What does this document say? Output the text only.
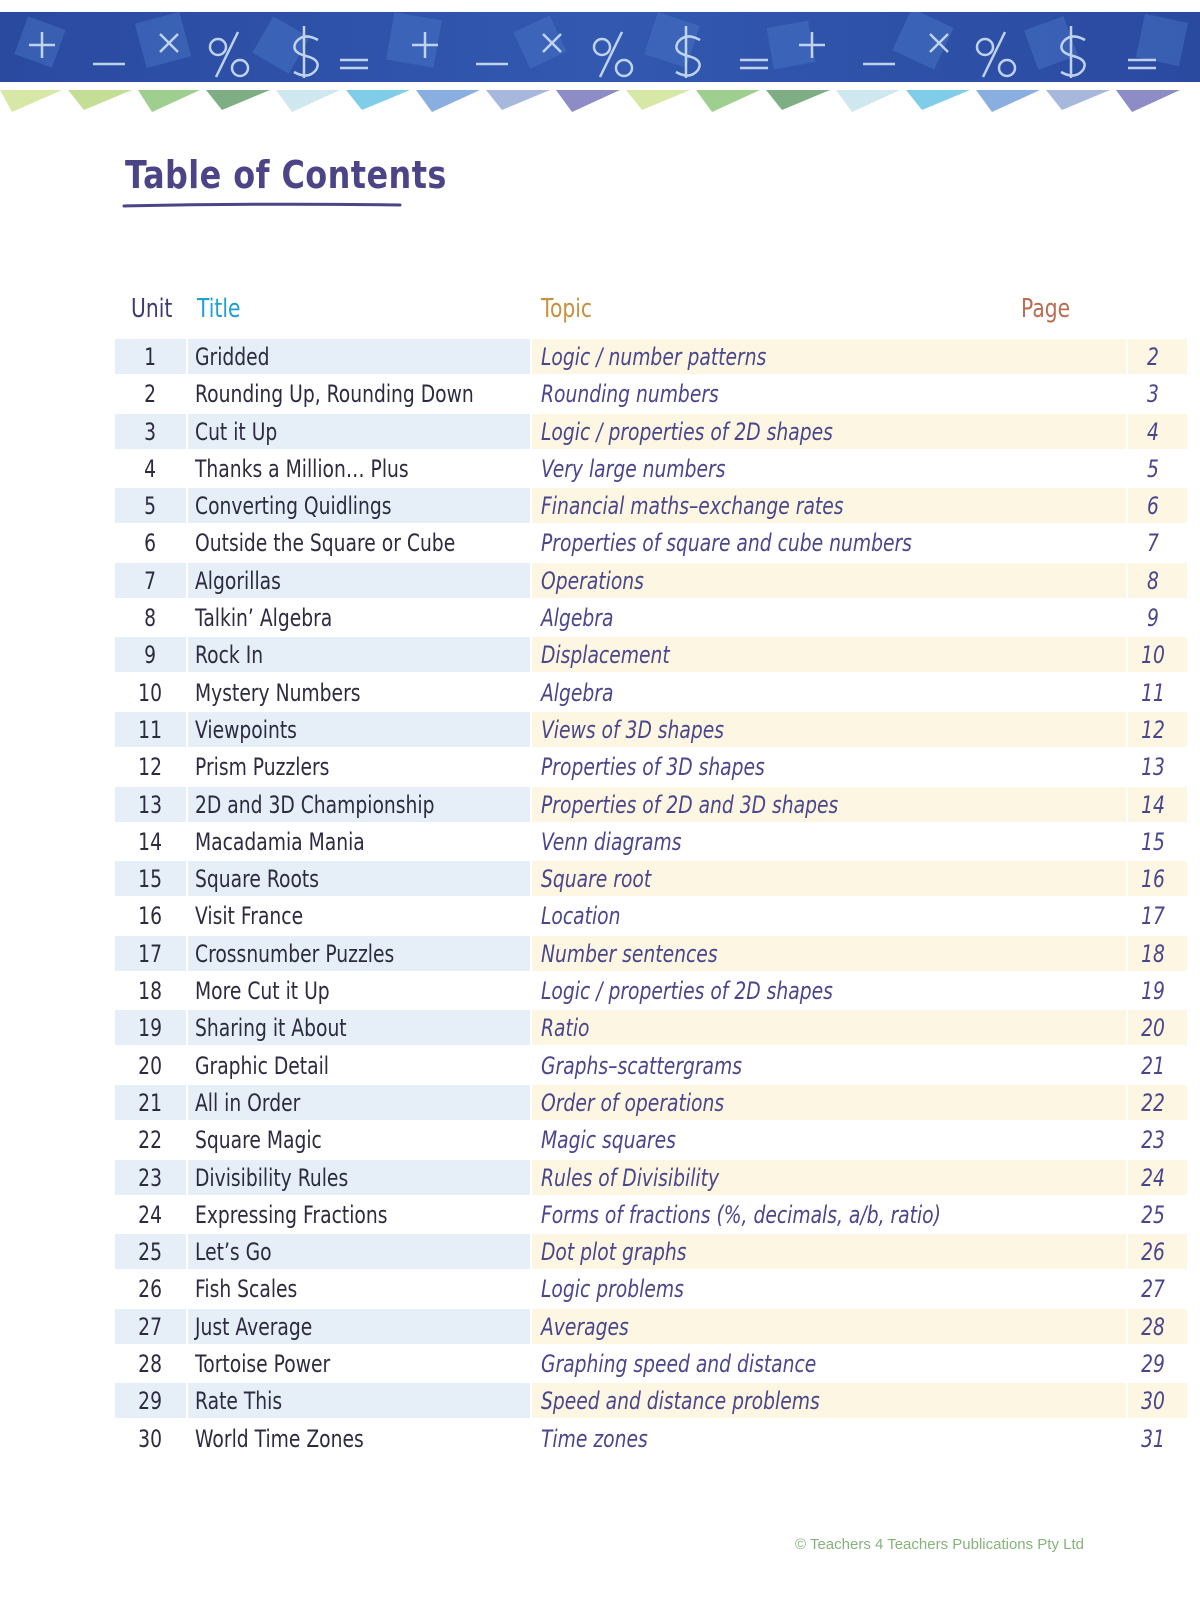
Table of Contents
Unit Title	Topic	Page
1	Gridded	Logic / number patterns	2
2	Rounding Up, Rounding Down	Rounding numbers	3
3	Cut it Up	Logic / properties of 2D shapes	4
4	Thanks a Million… Plus	Very large numbers	5
5	Converting Quidlings	Financial maths–exchange rates	6
6	Outside the Square or Cube	Properties of square and cube numbers	7
7	Algorillas	Operations	8
8	Talkin’ Algebra	Algebra	9
9	Rock In	Displacement	10
10	Mystery Numbers	Algebra	11
11	Viewpoints	Views of 3D shapes	12
12	Prism Puzzlers	Properties of 3D shapes	13
13	2D and 3D Championship	Properties of 2D and 3D shapes	14
14	Macadamia Mania	Venn diagrams	15
15	Square Roots	Square root	16
16	Visit France	Location	17
17	Crossnumber Puzzles	Number sentences	18
18	More Cut it Up	Logic / properties of 2D shapes	19
19	Sharing it About	Ratio	20
20	Graphic Detail	Graphs–scattergrams	21
21	All in Order	Order of operations	22
22	Square Magic	Magic squares	23
23	Divisibility Rules	Rules of Divisibility	24
24	Expressing Fractions	Forms of fractions (%, decimals, a/b, ratio)	25
25	Let’s Go	Dot plot graphs	26
26	Fish Scales	Logic problems	27
27	Just Average	Averages	28
28	Tortoise Power	Graphing speed and distance	29
29	Rate This	Speed and distance problems	30
30	World Time Zones	Time zones	31

© Teachers 4 Teachers Publications Pty Ltd
